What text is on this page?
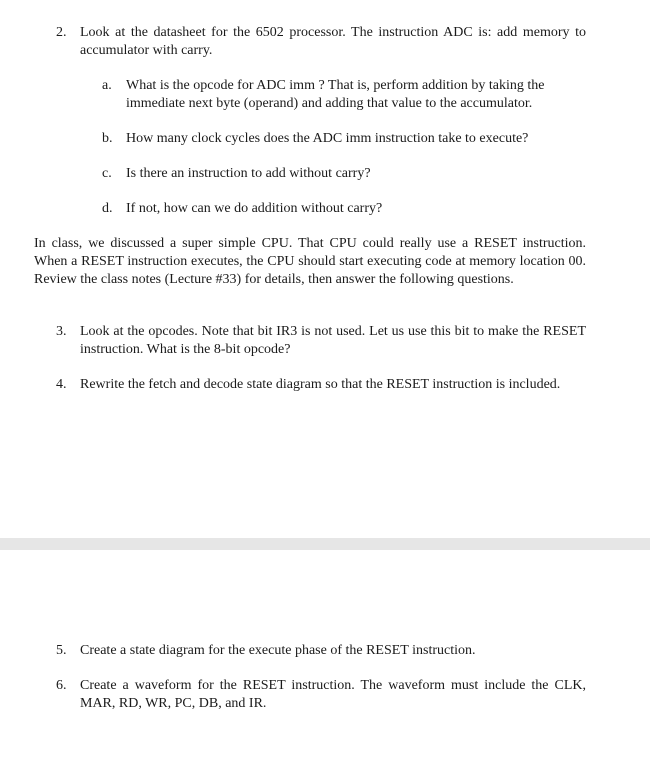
2. Look at the datasheet for the 6502 processor. The instruction ADC is: add memory to accumulator with carry.
a.	What is the opcode for ADC imm ? That is, perform addition by taking the immediate next byte (operand) and adding that value to the accumulator.
b. How many clock cycles does the ADC imm instruction take to execute?
c.	Is there an instruction to add without carry?
d. If not, how can we do addition without carry?
In class, we discussed a super simple CPU. That CPU could really use a RESET instruction. When a RESET instruction executes, the CPU should start executing code at memory location 00. Review the class notes (Lecture #33) for details, then answer the following questions.
3. Look at the opcodes. Note that bit IR3 is not used. Let us use this bit to make the RESET instruction. What is the 8-bit opcode?
4. Rewrite the fetch and decode state diagram so that the RESET instruction is included.
5. Create a state diagram for the execute phase of the RESET instruction.
6. Create a waveform for the RESET instruction. The waveform must include the CLK, MAR, RD, WR, PC, DB, and IR.
